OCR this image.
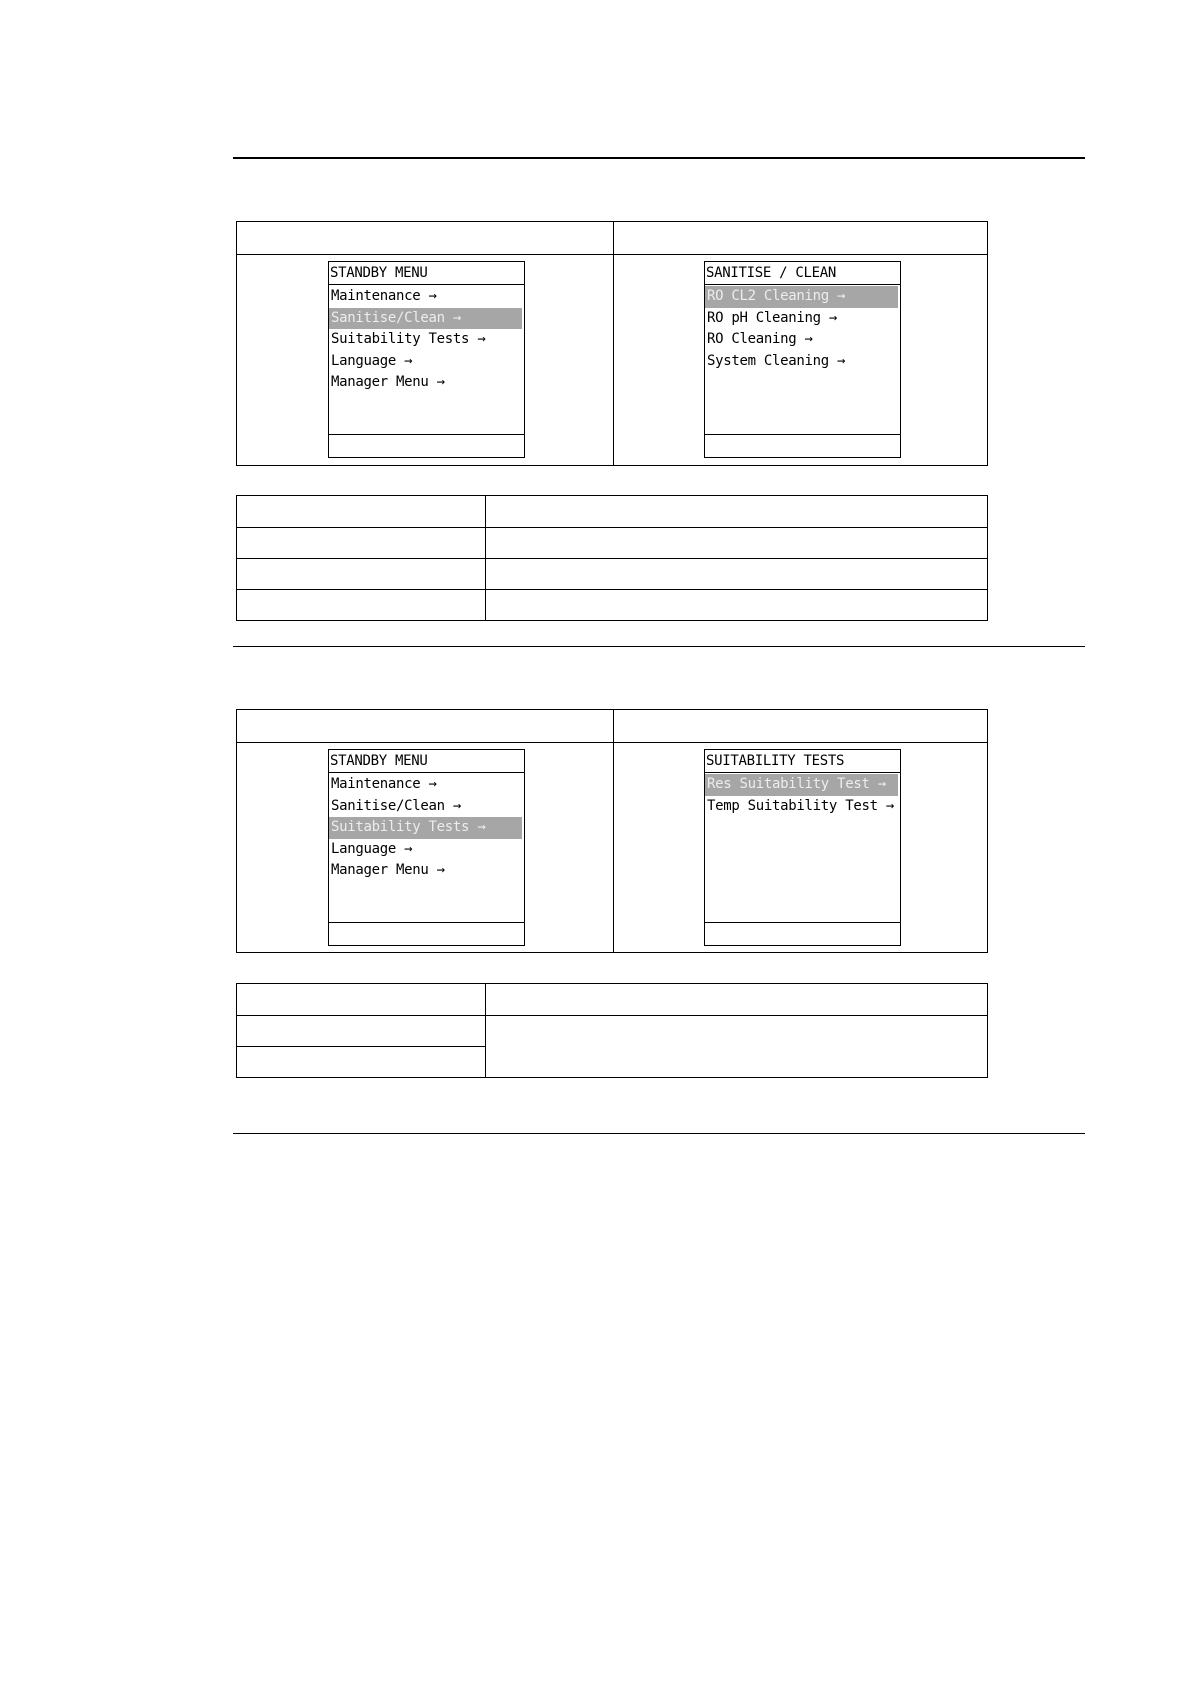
STANDBY MENU
Maintenance →
Sanitise/Clean →
Suitability Tests →
Language →
Manager Menu →
SANITISE / CLEAN
RO CL2 Cleaning →
RO pH Cleaning →
RO Cleaning →
System Cleaning →

STANDBY MENU
Maintenance →
Sanitise/Clean →
Suitability Tests →
Language →
Manager Menu →
SUITABILITY TESTS
Res Suitability Test →
Temp Suitability Test →
